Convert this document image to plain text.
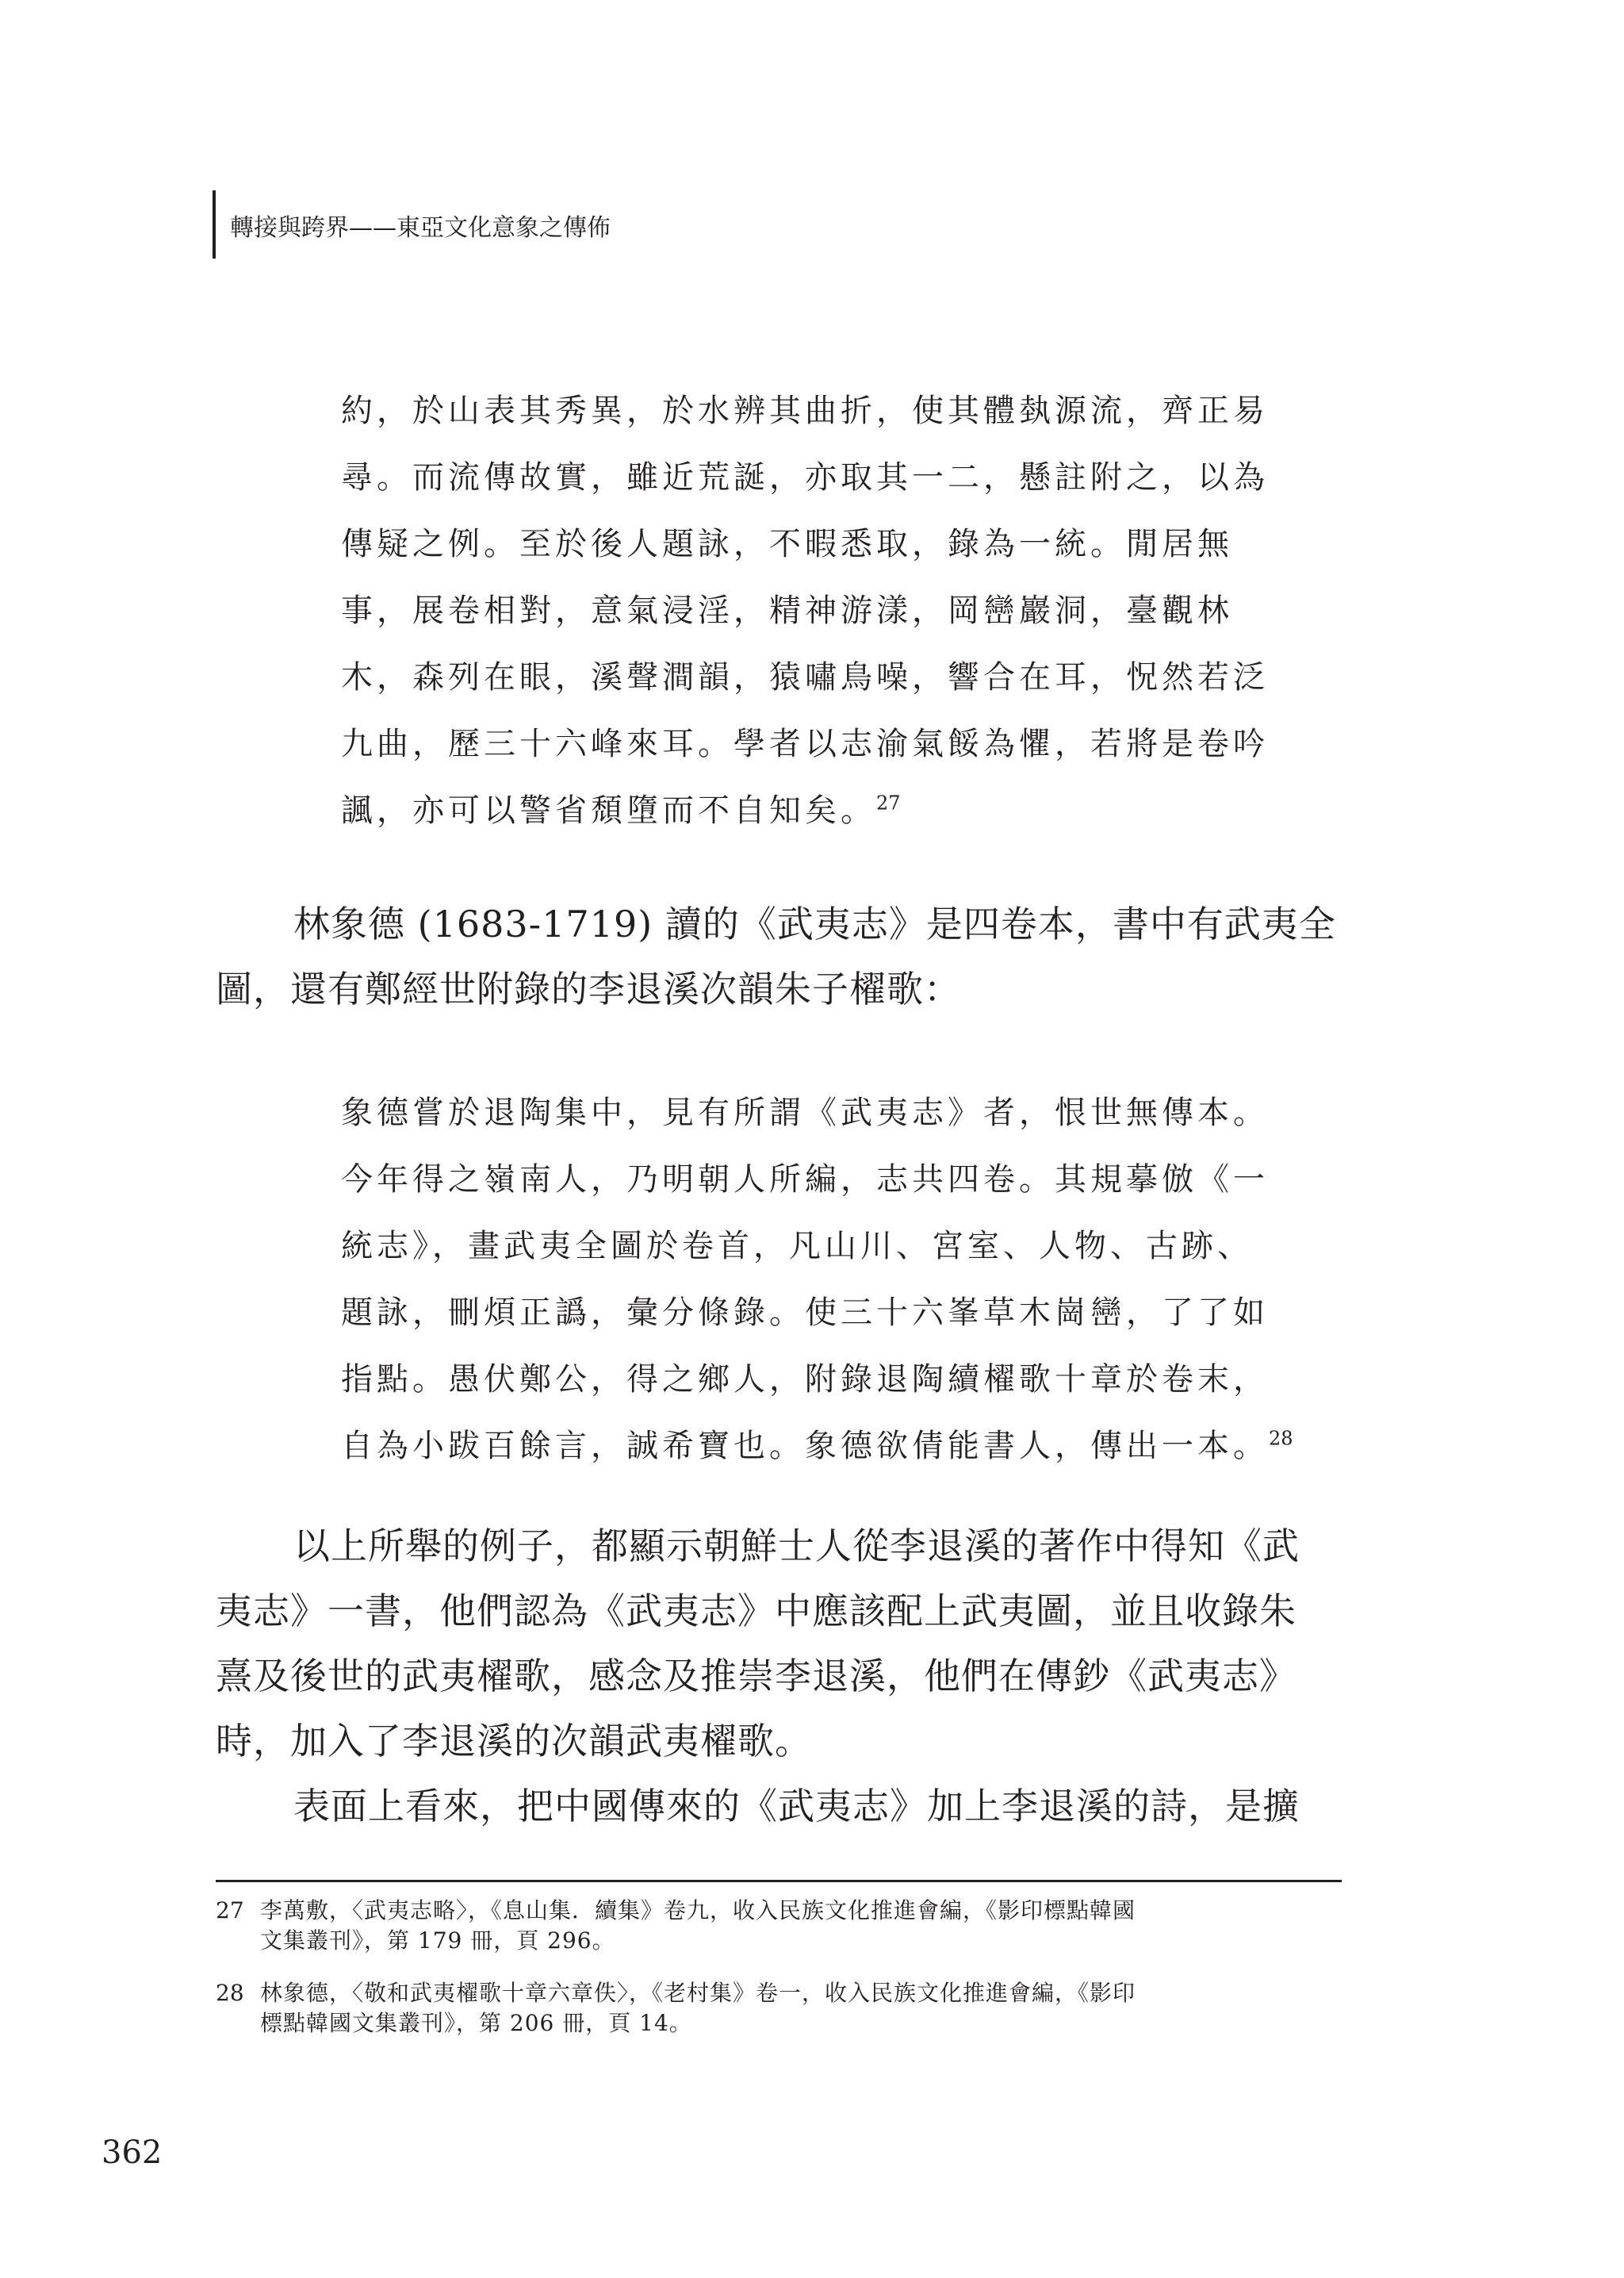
轉接與跨界——東亞文化意象之傳佈

約，於山表其秀異，於水辨其曲折，使其體埶源流，齊正易

尋。而流傳故實，雖近荒誕，亦取其一二，懸註附之，以為

傳疑之例。至於後人題詠，不暇悉取，錄為一統。閒居無

事，展卷相對，意氣浸淫，精神游漾，岡巒巖洞，臺觀林

木，森列在眼，溪聲澗韻，猿嘯鳥噪，響合在耳，怳然若泛

九曲，歷三十六峰來耳。學者以志渝氣餒為懼，若將是卷吟

諷，亦可以警省頹墮而不自知矣。$^{27}$

林象德 (1683-1719) 讀的《武夷志》是四卷本，書中有武夷全

圖，還有鄭經世附錄的李退溪次韻朱子櫂歌：

象德嘗於退陶集中，見有所謂《武夷志》者，恨世無傳本。

今年得之嶺南人，乃明朝人所編，志共四卷。其規摹倣《一

統志》，畫武夷全圖於卷首，凡山川、宮室、人物、古跡、

題詠，刪煩正譌，彙分條錄。使三十六峯草木崗巒，了了如

指點。愚伏鄭公，得之鄉人，附錄退陶續櫂歌十章於卷末，

自為小跋百餘言，誠希寶也。象德欲倩能書人，傳出一本。$^{28}$

以上所舉的例子，都顯示朝鮮士人從李退溪的著作中得知《武

夷志》一書，他們認為《武夷志》中應該配上武夷圖，並且收錄朱

熹及後世的武夷櫂歌，感念及推崇李退溪，他們在傳鈔《武夷志》

時，加入了李退溪的次韻武夷櫂歌。

表面上看來，把中國傳來的《武夷志》加上李退溪的詩，是擴

27 李萬敷，〈武夷志略〉，《息山集．續集》卷九，收入民族文化推進會編，《影印標點韓國

文集叢刊》，第 179 冊，頁 296。

28 林象德，〈敬和武夷櫂歌十章六章佚〉，《老村集》卷一，收入民族文化推進會編，《影印

標點韓國文集叢刊》，第 206 冊，頁 14。

362
